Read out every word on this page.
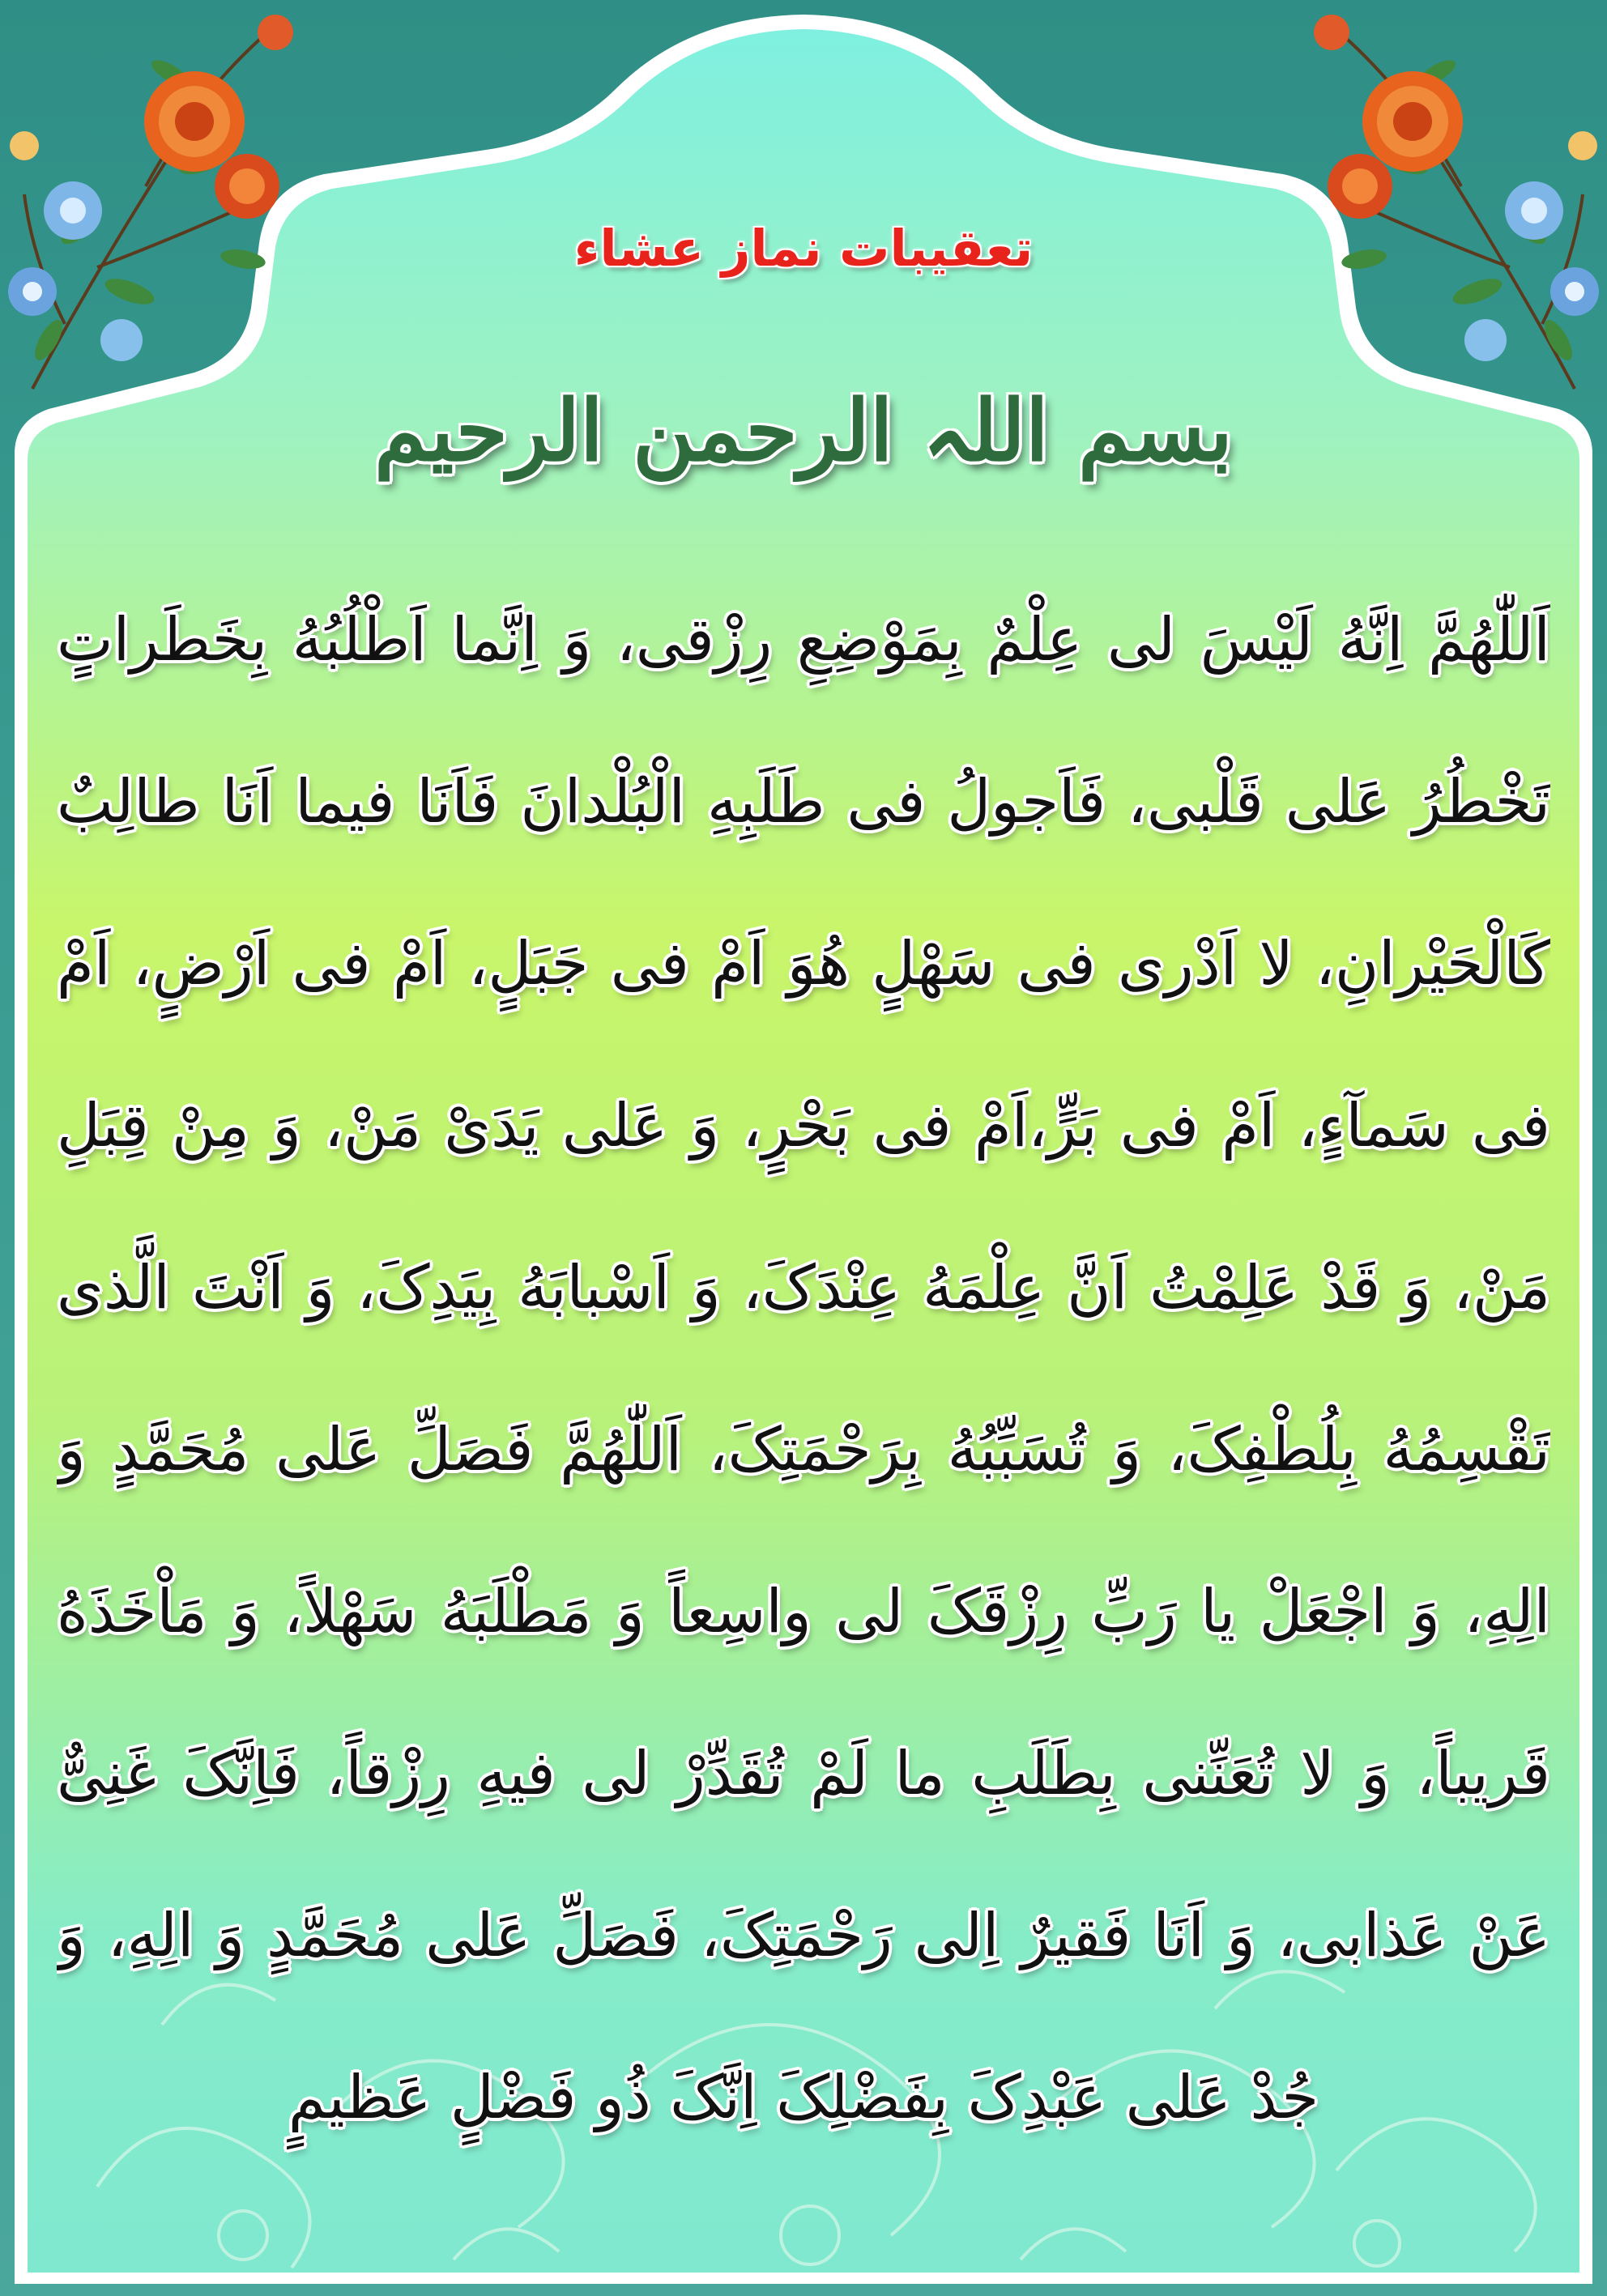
تعقیبات نماز عشاء
بسم اللہ الرحمن الرحیم
اَللّٰهُمَّ اِنَّهُ لَیْسَ لی عِلْمٌ بِمَوْضِعِ رِزْقی، وَ اِنَّما اَطْلُبُهُ بِخَطَراتٍ
تَخْطُرُ عَلی قَلْبی، فَاَجولُ فی طَلَبِهِ الْبُلْدانَ فَاَنَا فیما اَنَا طالِبٌ
کَالْحَیْرانِ، لا اَدْری فی سَهْلٍ هُوَ اَمْ فی جَبَلٍ، اَمْ فی اَرْضٍ، اَمْ
فی سَمآءٍ، اَمْ فی بَرٍّ،اَمْ فی بَحْرٍ، وَ عَلی یَدَیْ مَنْ، وَ مِنْ قِبَلِ
مَنْ، وَ قَدْ عَلِمْتُ اَنَّ عِلْمَهُ عِنْدَکَ، وَ اَسْبابَهُ بِیَدِکَ، وَ اَنْتَ الَّذی
تَقْسِمُهُ بِلُطْفِکَ، وَ تُسَبِّبُهُ بِرَحْمَتِکَ، اَللّٰهُمَّ فَصَلِّ عَلی مُحَمَّدٍ وَ
الِهِ، وَ اجْعَلْ یا رَبِّ رِزْقَکَ لی واسِعاً وَ مَطْلَبَهُ سَهْلاً، وَ مَاْخَذَهُ
قَریباً، وَ لا تُعَنِّنی بِطَلَبِ ما لَمْ تُقَدِّرْ لی فیهِ رِزْقاً، فَاِنَّکَ غَنِیٌّ
عَنْ عَذابی، وَ اَنَا فَقیرٌ اِلی رَحْمَتِکَ، فَصَلِّ عَلی مُحَمَّدٍ وَ الِهِ، وَ
جُدْ عَلی عَبْدِکَ بِفَضْلِکَ اِنَّکَ ذُو فَضْلٍ عَظیمٍ
